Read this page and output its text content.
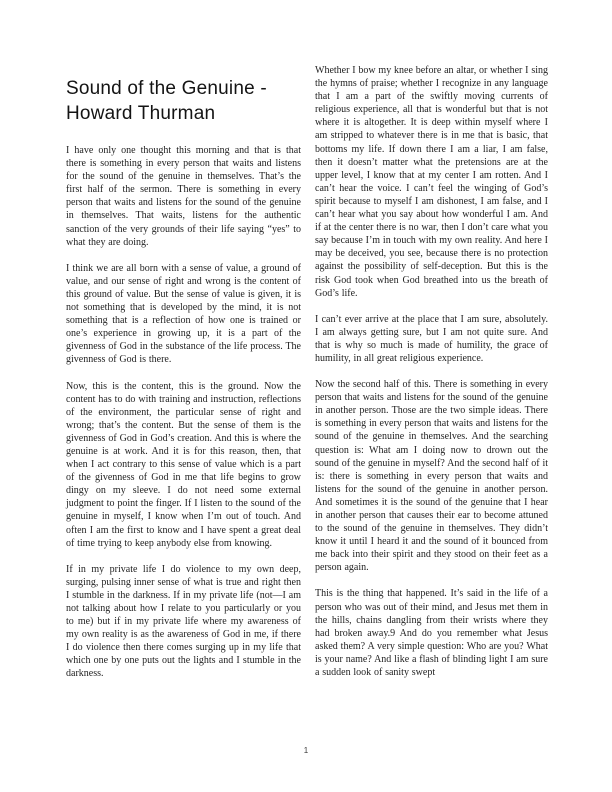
Sound of the Genuine -
Howard Thurman

I have only one thought this morning and that is that there is something in every person that waits and listens for the sound of the genuine in themselves. That’s the first half of the sermon. There is something in every person that waits and listens for the sound of the genuine in themselves. That waits, listens for the authentic sanction of the very grounds of their life saying “yes” to what they are doing.

I think we are all born with a sense of value, a ground of value, and our sense of right and wrong is the content of this ground of value. But the sense of value is given, it is not something that is developed by the mind, it is not something that is a reflection of how one is trained or one’s experience in growing up, it is a part of the givenness of God in the substance of the life process. The givenness of God is there.

Now, this is the content, this is the ground. Now the content has to do with training and instruction, reflections of the environment, the particular sense of right and wrong; that’s the content. But the sense of them is the givenness of God in God’s creation. And this is where the genuine is at work. And it is for this reason, then, that when I act contrary to this sense of value which is a part of the givenness of God in me that life begins to grow dingy on my sleeve. I do not need some external judgment to point the finger. If I listen to the sound of the genuine in myself, I know when I’m out of touch. And often I am the first to know and I have spent a great deal of time trying to keep anybody else from knowing.

If in my private life I do violence to my own deep, surging, pulsing inner sense of what is true and right then I stumble in the darkness. If in my private life (not—I am not talking about how I relate to you particularly or you to me) but if in my private life where my awareness of my own reality is as the awareness of God in me, if there I do violence then there comes surging up in my life that which one by one puts out the lights and I stumble in the darkness.

Whether I bow my knee before an altar, or whether I sing the hymns of praise; whether I recognize in any language that I am a part of the swiftly moving currents of religious experience, all that is wonderful but that is not where it is altogether. It is deep within myself where I am stripped to whatever there is in me that is basic, that bottoms my life. If down there I am a liar, I am false, then it doesn’t matter what the pretensions are at the upper level, I know that at my center I am rotten. And I can’t hear the voice. I can’t feel the winging of God’s spirit because to myself I am dishonest, I am false, and I can’t hear what you say about how wonderful I am. And if at the center there is no war, then I don’t care what you say because I’m in touch with my own reality. And here I may be deceived, you see, because there is no protection against the possibility of self-deception. But this is the risk God took when God breathed into us the breath of God’s life.

I can’t ever arrive at the place that I am sure, absolutely. I am always getting sure, but I am not quite sure. And that is why so much is made of humility, the grace of humility, in all great religious experience.

Now the second half of this. There is something in every person that waits and listens for the sound of the genuine in another person. Those are the two simple ideas. There is something in every person that waits and listens for the sound of the genuine in themselves. And the searching question is: What am I doing now to drown out the sound of the genuine in myself? And the second half of it is: there is something in every person that waits and listens for the sound of the genuine in another person. And sometimes it is the sound of the genuine that I hear in another person that causes their ear to become attuned to the sound of the genuine in themselves. They didn’t know it until I heard it and the sound of it bounced from me back into their spirit and they stood on their feet as a person again.

This is the thing that happened. It’s said in the life of a person who was out of their mind, and Jesus met them in the hills, chains dangling from their wrists where they had broken away.9 And do you remember what Jesus asked them? A very simple question: Who are you? What is your name? And like a flash of blinding light I am sure a sudden look of sanity swept

1
